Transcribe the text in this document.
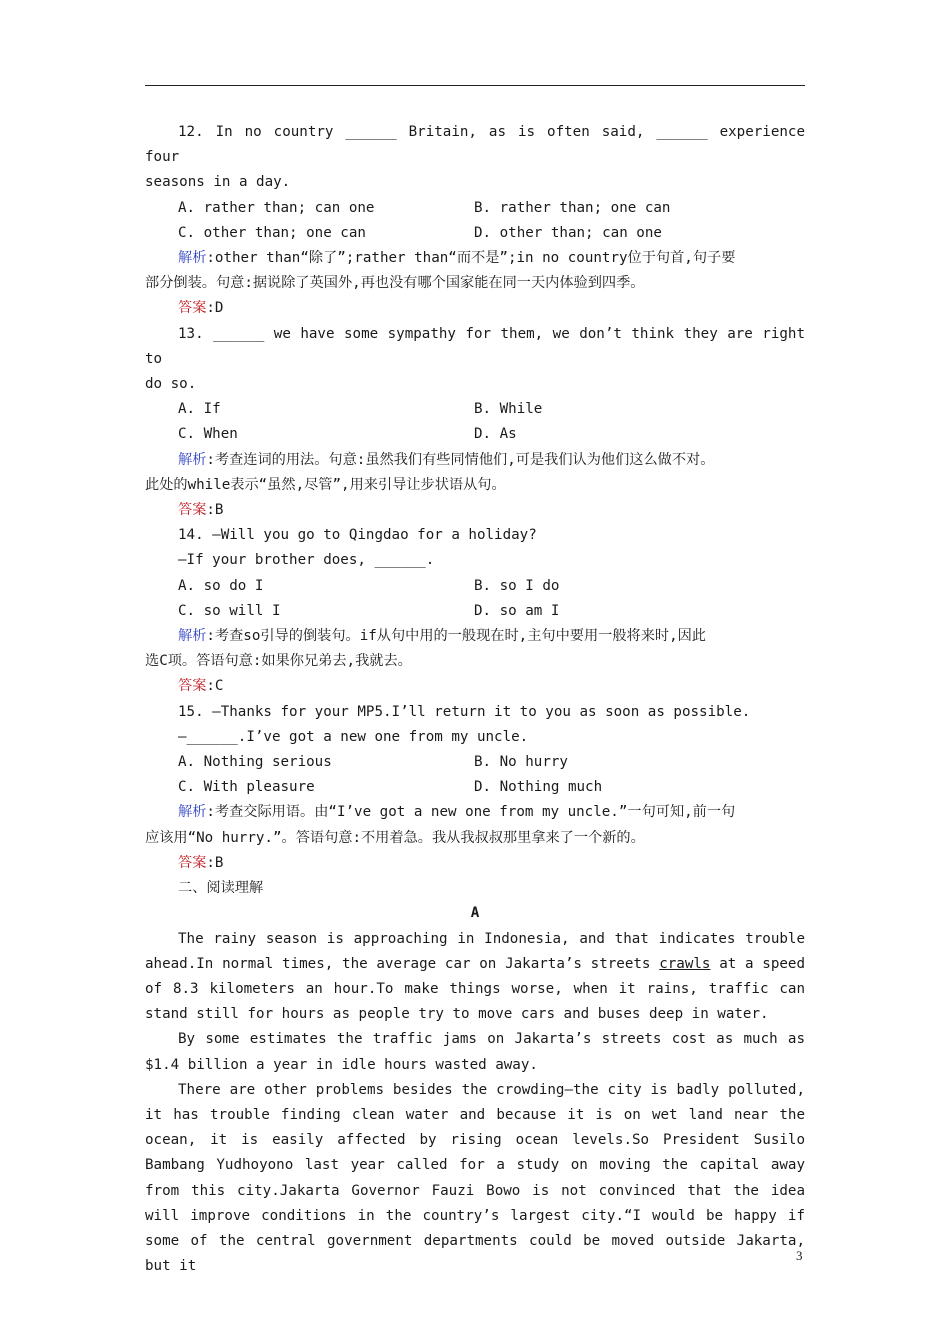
12. In no country ______ Britain, as is often said, ______ experience four

seasons in a day.

A. rather than; can one	B. rather than; one can
C. other than; one can	D. other than; can one

解析:other than“除了”;rather than“而不是”;in no country位于句首,句子要

部分倒装。句意:据说除了英国外,再也没有哪个国家能在同一天内体验到四季。

答案:D

13. ______ we have some sympathy for them, we don’t think they are right to

do so.

A. If	B. While
C. When	D. As

解析:考查连词的用法。句意:虽然我们有些同情他们,可是我们认为他们这么做不对。

此处的while表示“虽然,尽管”,用来引导让步状语从句。

答案:B

14. —Will you go to Qingdao for a holiday?

—If your brother does, ______.

A. so do I	B. so I do
C. so will I	D. so am I

解析:考查so引导的倒装句。if从句中用的一般现在时,主句中要用一般将来时,因此

选C项。答语句意:如果你兄弟去,我就去。

答案:C

15. —Thanks for your MP5.I’ll return it to you as soon as possible.

—______.I’ve got a new one from my uncle.

A. Nothing serious	B. No hurry
C. With pleasure	D. Nothing much

解析:考查交际用语。由“I’ve got a new one from my uncle.”一句可知,前一句

应该用“No hurry.”。答语句意:不用着急。我从我叔叔那里拿来了一个新的。

答案:B

二、阅读理解

A

The rainy season is approaching in Indonesia, and that indicates trouble ahead.In normal times, the average car on Jakarta’s streets crawls at a speed of 8.3 kilometers an hour.To make things worse, when it rains, traffic can stand still for hours as people try to move cars and buses deep in water.

By some estimates the traffic jams on Jakarta’s streets cost as much as $1.4 billion a year in idle hours wasted away.

There are other problems besides the crowding—the city is badly polluted, it has trouble finding clean water and because it is on wet land near the ocean, it is easily affected by rising ocean levels.So President Susilo Bambang Yudhoyono last year called for a study on moving the capital away from this city.Jakarta Governor Fauzi Bowo is not convinced that the idea will improve conditions in the country’s largest city.“I would be happy if some of the central government departments could be moved outside Jakarta, but it

3
